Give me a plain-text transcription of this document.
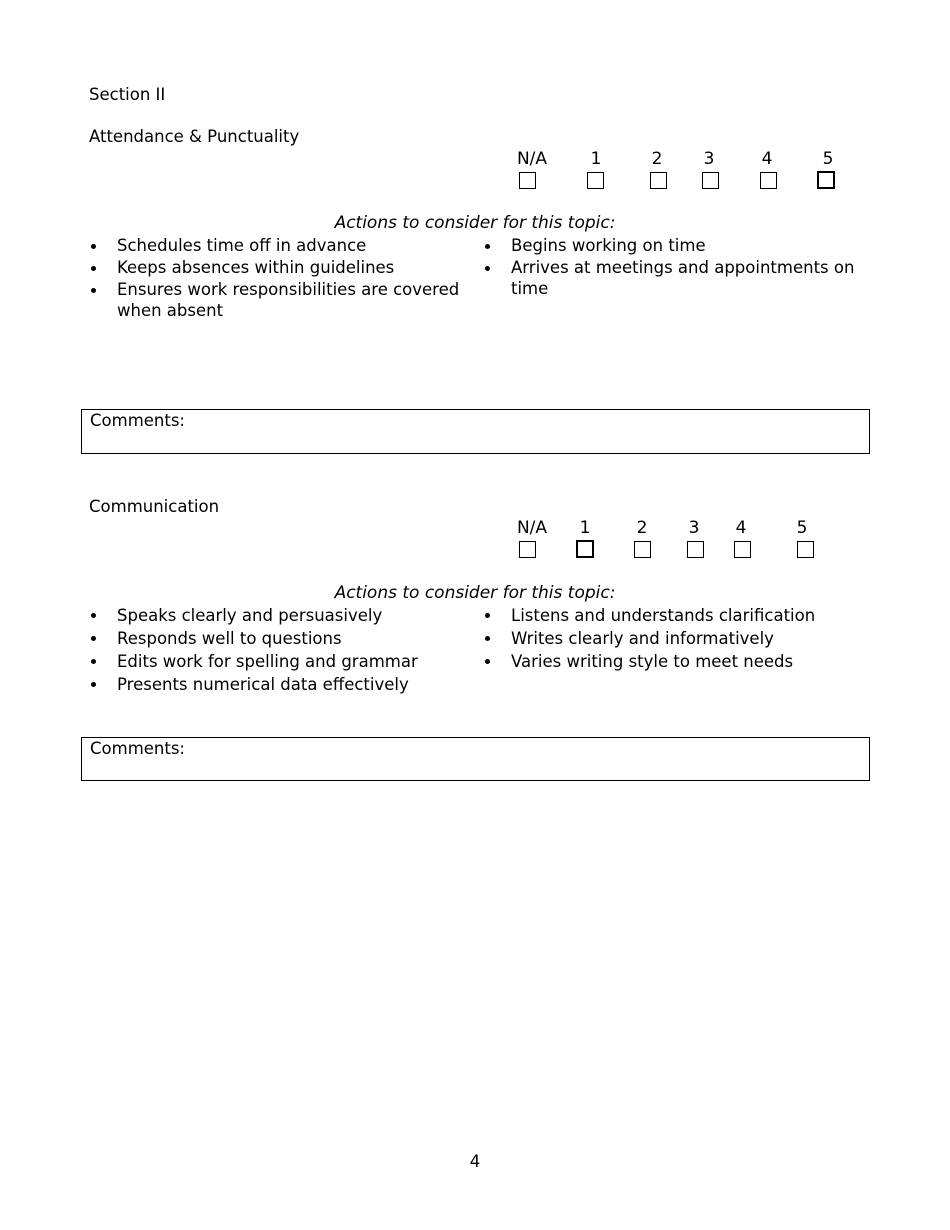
Section II
Attendance & Punctuality
N/A	1	2 3	4	5
Actions to consider for this topic:
Schedules time off in advance
Keeps absences within guidelines
Ensures work responsibilities are covered when absent
Begins working on time
Arrives at meetings and appointments on time
Comments:
Communication
N/A 1	2 3 4	5
Actions to consider for this topic:
Speaks clearly and persuasively
Responds well to questions
Edits work for spelling and grammar
Presents numerical data effectively
Listens and understands clarification
Writes clearly and informatively
Varies writing style to meet needs
Comments:
4
